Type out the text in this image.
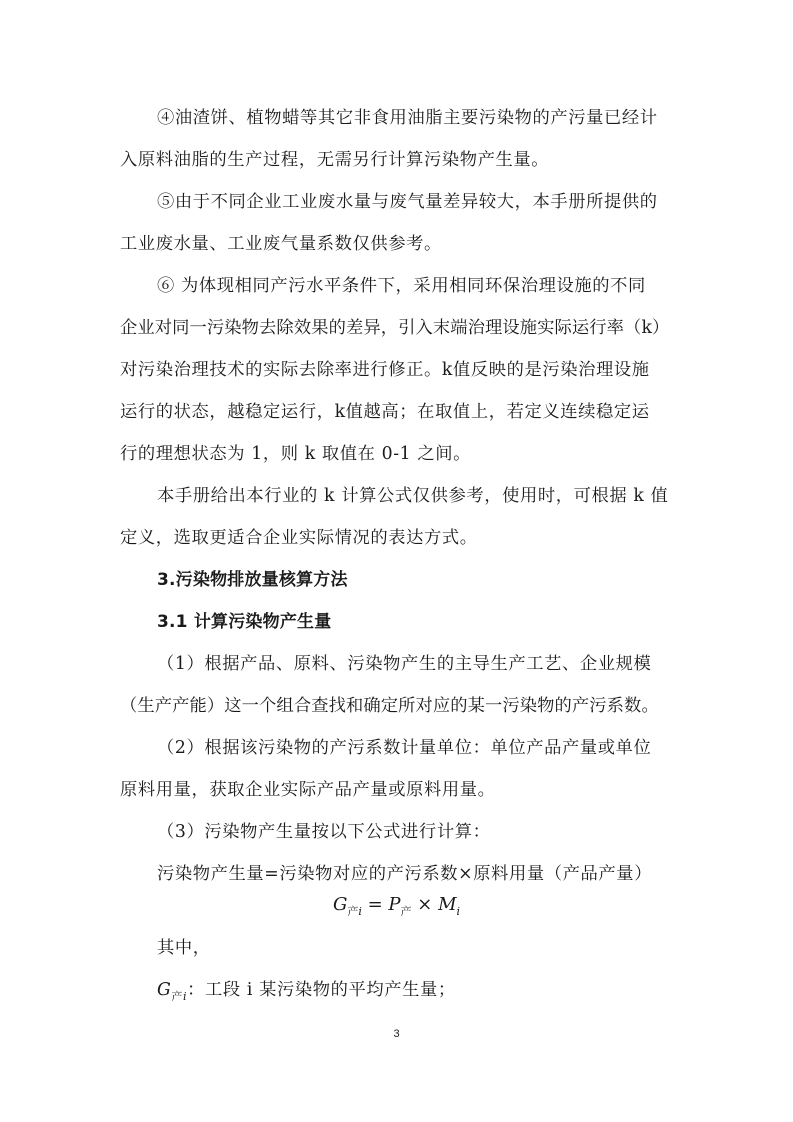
④油渣饼、植物蜡等其它非食用油脂主要污染物的产污量已经计
入原料油脂的生产过程，无需另行计算污染物产生量。
⑤由于不同企业工业废水量与废气量差异较大，本手册所提供的
工业废水量、工业废气量系数仅供参考。
⑥ 为体现相同产污水平条件下，采用相同环保治理设施的不同
企业对同一污染物去除效果的差异，引入末端治理设施实际运行率（k）
对污染治理技术的实际去除率进行修正。k值反映的是污染治理设施
运行的状态，越稳定运行，k值越高；在取值上，若定义连续稳定运
行的理想状态为 1，则 k 取值在 0-1 之间。
本手册给出本行业的 k 计算公式仅供参考，使用时，可根据 k 值
定义，选取更适合企业实际情况的表达方式。
3.污染物排放量核算方法
3.1 计算污染物产生量
（1）根据产品、原料、污染物产生的主导生产工艺、企业规模
（生产产能）这一个组合查找和确定所对应的某一污染物的产污系数。
（2）根据该污染物的产污系数计量单位：单位产品产量或单位
原料用量，获取企业实际产品产量或原料用量。
（3）污染物产生量按以下公式进行计算：
污染物产生量=污染物对应的产污系数×原料用量（产品产量）
$G_{产i} = P_产 \times M_i$
其中，
$G_{产i}$：工段 i 某污染物的平均产生量；
3
